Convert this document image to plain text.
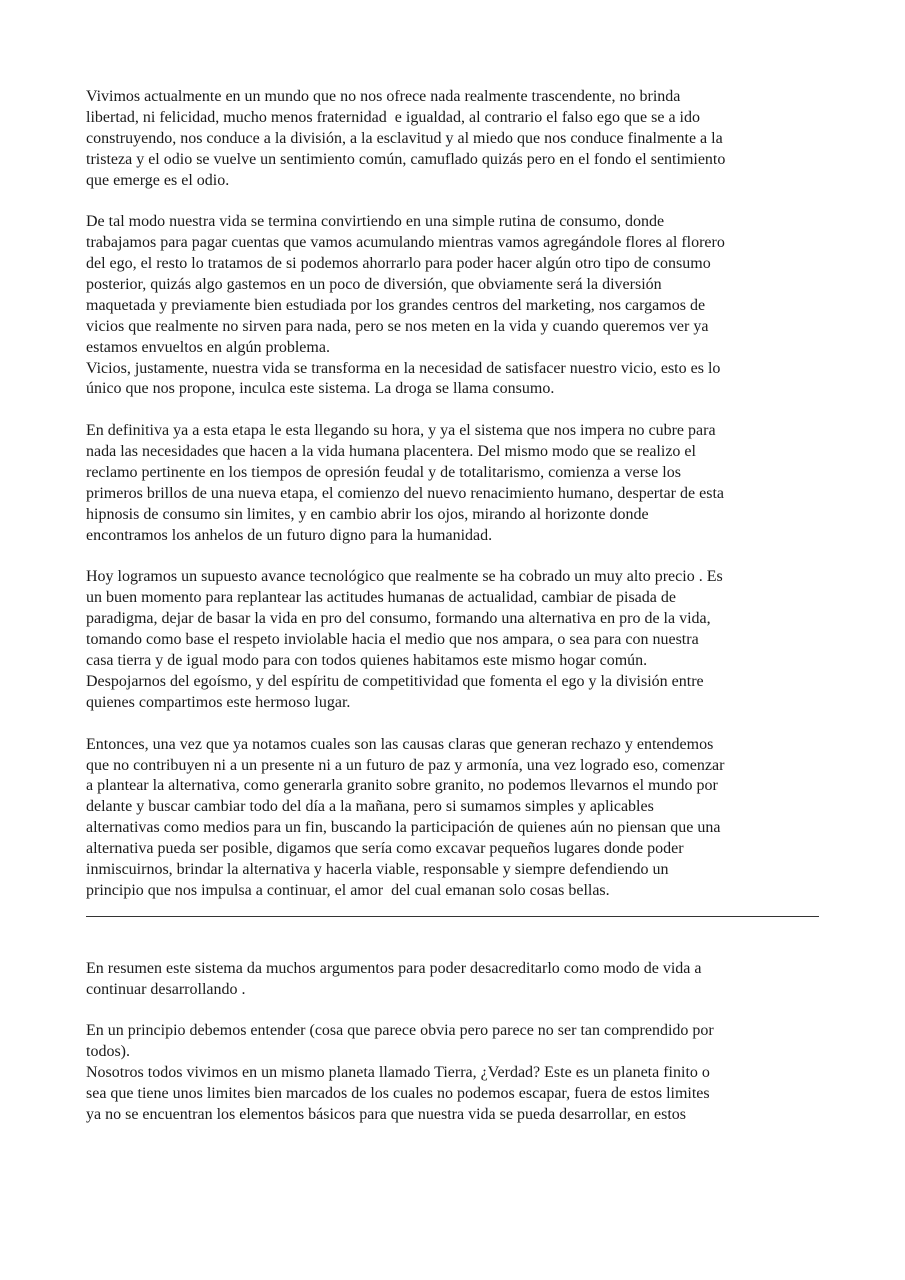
Vivimos actualmente en un mundo que no nos ofrece nada realmente trascendente, no brinda
libertad, ni felicidad, mucho menos fraternidad  e igualdad, al contrario el falso ego que se a ido
construyendo, nos conduce a la división, a la esclavitud y al miedo que nos conduce finalmente a la
tristeza y el odio se vuelve un sentimiento común, camuflado quizás pero en el fondo el sentimiento
que emerge es el odio.
De tal modo nuestra vida se termina convirtiendo en una simple rutina de consumo, donde
trabajamos para pagar cuentas que vamos acumulando mientras vamos agregándole flores al florero
del ego, el resto lo tratamos de si podemos ahorrarlo para poder hacer algún otro tipo de consumo
posterior, quizás algo gastemos en un poco de diversión, que obviamente será la diversión
maquetada y previamente bien estudiada por los grandes centros del marketing, nos cargamos de
vicios que realmente no sirven para nada, pero se nos meten en la vida y cuando queremos ver ya
estamos envueltos en algún problema.
Vicios, justamente, nuestra vida se transforma en la necesidad de satisfacer nuestro vicio, esto es lo
único que nos propone, inculca este sistema. La droga se llama consumo.
En definitiva ya a esta etapa le esta llegando su hora, y ya el sistema que nos impera no cubre para
nada las necesidades que hacen a la vida humana placentera. Del mismo modo que se realizo el
reclamo pertinente en los tiempos de opresión feudal y de totalitarismo, comienza a verse los
primeros brillos de una nueva etapa, el comienzo del nuevo renacimiento humano, despertar de esta
hipnosis de consumo sin limites, y en cambio abrir los ojos, mirando al horizonte donde
encontramos los anhelos de un futuro digno para la humanidad.
Hoy logramos un supuesto avance tecnológico que realmente se ha cobrado un muy alto precio . Es
un buen momento para replantear las actitudes humanas de actualidad, cambiar de pisada de
paradigma, dejar de basar la vida en pro del consumo, formando una alternativa en pro de la vida,
tomando como base el respeto inviolable hacia el medio que nos ampara, o sea para con nuestra
casa tierra y de igual modo para con todos quienes habitamos este mismo hogar común.
Despojarnos del egoísmo, y del espíritu de competitividad que fomenta el ego y la división entre
quienes compartimos este hermoso lugar.
Entonces, una vez que ya notamos cuales son las causas claras que generan rechazo y entendemos
que no contribuyen ni a un presente ni a un futuro de paz y armonía, una vez logrado eso, comenzar
a plantear la alternativa, como generarla granito sobre granito, no podemos llevarnos el mundo por
delante y buscar cambiar todo del día a la mañana, pero si sumamos simples y aplicables
alternativas como medios para un fin, buscando la participación de quienes aún no piensan que una
alternativa pueda ser posible, digamos que sería como excavar pequeños lugares donde poder
inmiscuirnos, brindar la alternativa y hacerla viable, responsable y siempre defendiendo un
principio que nos impulsa a continuar, el amor  del cual emanan solo cosas bellas.
En resumen este sistema da muchos argumentos para poder desacreditarlo como modo de vida a
continuar desarrollando .
En un principio debemos entender (cosa que parece obvia pero parece no ser tan comprendido por
todos).
Nosotros todos vivimos en un mismo planeta llamado Tierra, ¿Verdad? Este es un planeta finito o
sea que tiene unos limites bien marcados de los cuales no podemos escapar, fuera de estos limites
ya no se encuentran los elementos básicos para que nuestra vida se pueda desarrollar, en estos
